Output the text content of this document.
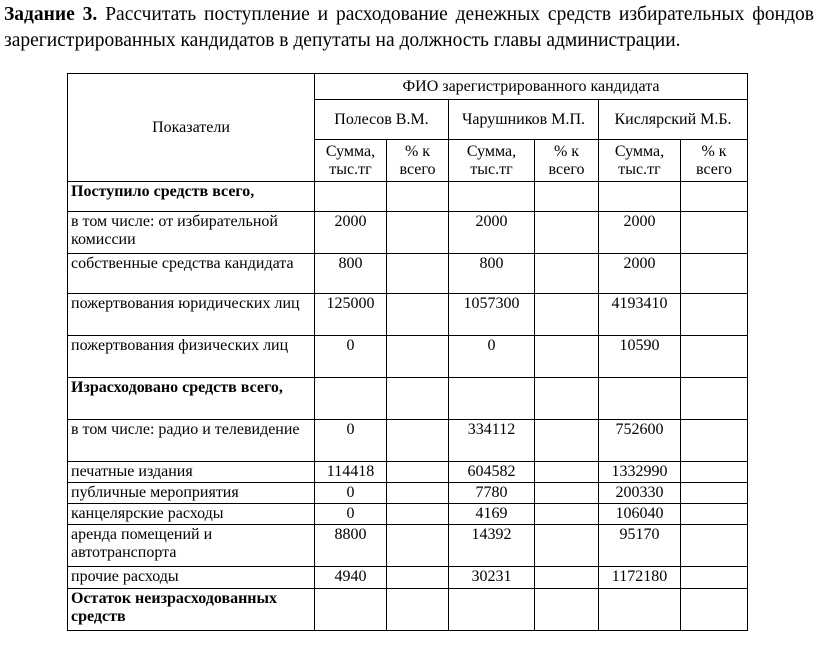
Задание 3. Рассчитать поступление и расходование денежных средств избирательных фондов зарегистрированных кандидатов в депутаты на должность главы администрации.
Показатели	ФИО зарегистрированного кандидата					
	Полесов В.М.		Чарушников М.П.		Кислярский М.Б.	
	Сумма, тыс.тг	% к всего	Сумма, тыс.тг	% к всего	Сумма, тыс.тг	% к всего
Поступило средств всего,						
в том числе: от избирательной комиссии	2000		2000		2000	
собственные средства кандидата	800		800		2000	
пожертвования юридических лиц	125000		1057300		4193410	
пожертвования физических лиц	0		0		10590	
Израсходовано средств всего,						
в том числе: радио и телевидение	0		334112		752600	
печатные издания	114418		604582		1332990	
публичные мероприятия	0		7780		200330	
канцелярские расходы	0		4169		106040	
аренда помещений и автотранспорта	8800		14392		95170	
прочие расходы	4940		30231		1172180	
Остаток неизрасходованных средств						
